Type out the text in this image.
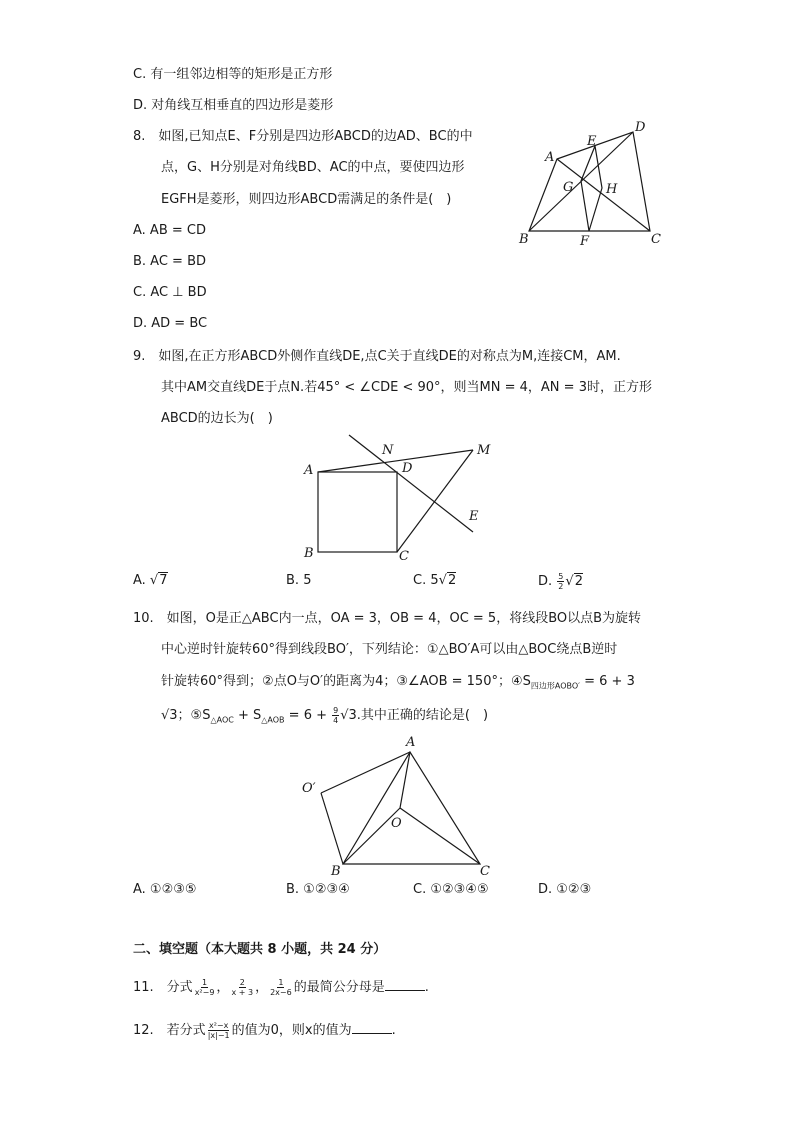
C. 有一组邻边相等的矩形是正方形
D. 对角线互相垂直的四边形是菱形
8.　如图,已知点E、F分别是四边形ABCD的边AD、BC的中
点，G、H分别是对角线BD、AC的中点，要使四边形
EGFH是菱形，则四边形ABCD需满足的条件是(　)
A. AB = CD
B. AC = BD
C. AC ⊥ BD
D. AD = BC
A
D
E
G	H
B	F	C
9.　如图,在正方形ABCD外侧作直线DE,点C关于直线DE的对称点为M,连接CM，AM.
其中AM交直线DE于点N.若45° < ∠CDE < 90°，则当MN = 4，AN = 3时，正方形
ABCD的边长为(　)
A
N
D
M
E
B	C
A. √7	B. 5	C. 5√2	D. $\frac{5}{2} √2$
10.　如图，O是正△ABC内一点，OA = 3，OB = 4，OC = 5，将线段BO以点B为旋转
中心逆时针旋转60°得到线段BO′，下列结论：①△BO′A可以由△BOC绕点B逆时
针旋转60°得到；②点O与O′的距离为4；③∠AOB = 150°；$④S_{四边形AOBO'} = 6 + 3$
√3；$⑤S_{\triangle AOC} + S_{\triangle AOB} = 6 + \frac{9}{4} √3$.其中正确的结论是(　)
A
O′
O
B	C
A. ①②③⑤	B. ①②③④	C. ①②③④⑤	D. ①②③
二、填空题（本大题共 8 小题，共 24 分）
11.　分式 $\frac{1}{\text{x²−9}}$ ， $\frac{2}{x + 3}$ ， $\frac{1}{2x-6}$ 的最简公分母是	.
12.　若分式 $\frac{\text{x²−x}}{|x|-1}$ 的值为0，则x的值为	.
